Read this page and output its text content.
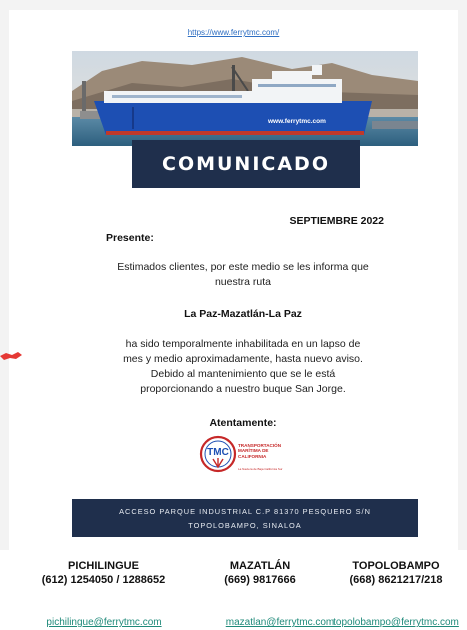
https://www.ferrytmc.com/
www.ferrytmc.com
COMUNICADO
SEPTIEMBRE 2022
Presente:
Estimados clientes, por este medio se les informa que
nuestra ruta
La Paz-Mazatlán-La Paz
ha sido temporalmente inhabilitada en un lapso de
mes y medio aproximadamente, hasta nuevo aviso.
Debido al mantenimiento que se le está
proporcionando a nuestro buque San Jorge.
Atentamente:
TMC
TRANSPORTACIÓN
MARÍTIMA DE
CALIFORNIA
La Naviera de Baja California Sur
ACCESO PARQUE INDUSTRIAL C.P 81370 PESQUERO S/N
TOPOLOBAMPO, SINALOA
PICHILINGUE
(612) 1254050 / 1288652
pichilingue@ferrytmc.com
MAZATLÁN
(669) 9817666
mazatlan@ferrytmc.com
TOPOLOBAMPO
(668) 8621217/218
topolobampo@ferrytmc.com
